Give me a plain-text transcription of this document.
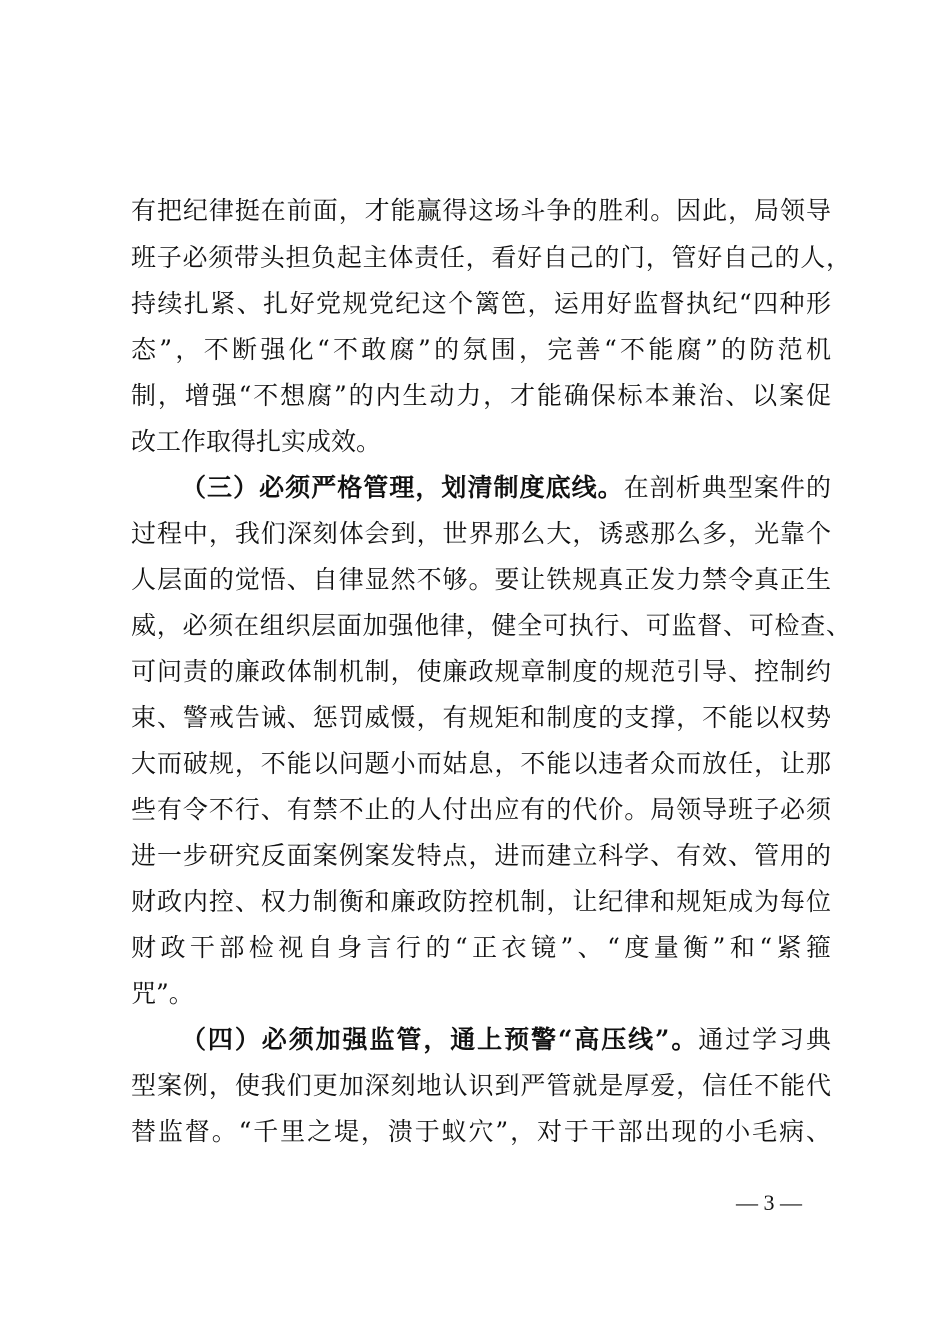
有把纪律挺在前面，才能赢得这场斗争的胜利。因此，局领导
班子必须带头担负起主体责任，看好自己的门，管好自己的人，
持续扎紧、扎好党规党纪这个篱笆，运用好监督执纪“四种形
态”，不断强化“不敢腐”的氛围，完善“不能腐”的防范机
制，增强“不想腐”的内生动力，才能确保标本兼治、以案促
改工作取得扎实成效。
（三）必须严格管理，划清制度底线。在剖析典型案件的
过程中，我们深刻体会到，世界那么大，诱惑那么多，光靠个
人层面的觉悟、自律显然不够。要让铁规真正发力禁令真正生
威，必须在组织层面加强他律，健全可执行、可监督、可检查、
可问责的廉政体制机制，使廉政规章制度的规范引导、控制约
束、警戒告诫、惩罚威慑，有规矩和制度的支撑，不能以权势
大而破规，不能以问题小而姑息，不能以违者众而放任，让那
些有令不行、有禁不止的人付出应有的代价。局领导班子必须
进一步研究反面案例案发特点，进而建立科学、有效、管用的
财政内控、权力制衡和廉政防控机制，让纪律和规矩成为每位
财政干部检视自身言行的“正衣镜”、“度量衡”和“紧箍
咒”。
（四）必须加强监管，通上预警“高压线”。通过学习典
型案例，使我们更加深刻地认识到严管就是厚爱，信任不能代
替监督。“千里之堤，溃于蚁穴”，对于干部出现的小毛病、
— 3 —
